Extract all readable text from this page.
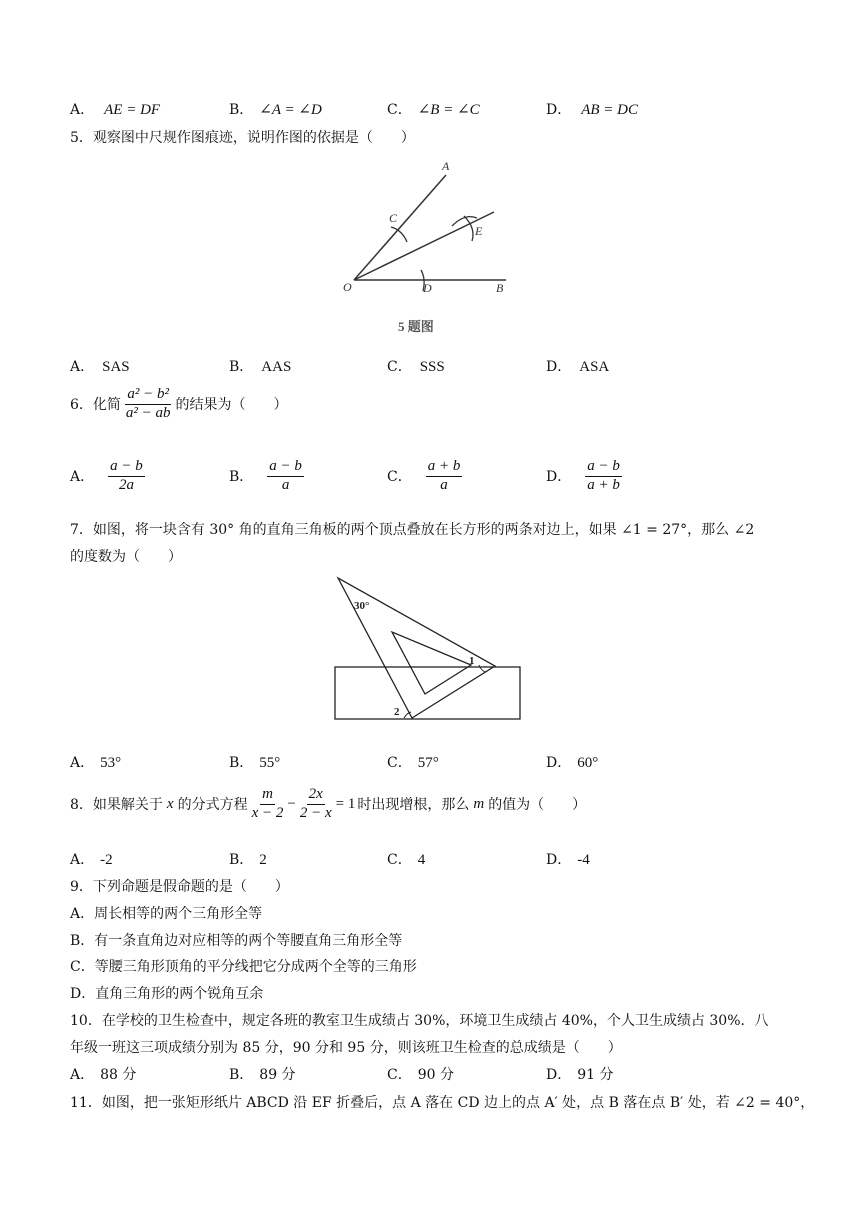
A． AE = DF	B． ∠A = ∠D	C． ∠B = ∠C	D． AB = DC
5．观察图中尺规作图痕迹，说明作图的依据是（　　）
A
C
E
O	D	B
5 题图
A． SAS	B． AAS	C． SSS	D． ASA
6．化简 $\frac{\text{a² − b²}}{\text{a² − ab}}$ 的结果为（　　）
A． $\frac{a - b}{2a}$	B． $\frac{a - b}{a}$	C． $\frac{a + b}{a}$	D． $\frac{a - b}{a + b}$
7．如图，将一块含有 30° 角的直角三角板的两个顶点叠放在长方形的两条对边上，如果 ∠1 = 27°，那么 ∠2
的度数为（　　）
30°
1
2
A． 53°	B． 55°	C． 57°	D． 60°
8．如果解关于 x 的分式方程 $\frac{m}{x - 2} - \frac{2x}{2 - x} = 1$ 时出现增根，那么 m 的值为（　　）
A． -2	B． 2	C． 4	D． -4
9．下列命题是假命题的是（　　）
A．周长相等的两个三角形全等
B．有一条直角边对应相等的两个等腰直角三角形全等
C．等腰三角形顶角的平分线把它分成两个全等的三角形
D．直角三角形的两个锐角互余
10．在学校的卫生检查中，规定各班的教室卫生成绩占 30%，环境卫生成绩占 40%，个人卫生成绩占 30%．八
年级一班这三项成绩分别为 85 分，90 分和 95 分，则该班卫生检查的总成绩是（　　）
A． 88 分	B． 89 分	C． 90 分	D． 91 分
11．如图，把一张矩形纸片 ABCD 沿 EF 折叠后，点 A 落在 CD 边上的点 A′ 处，点 B 落在点 B′ 处，若 ∠2 = 40°，
